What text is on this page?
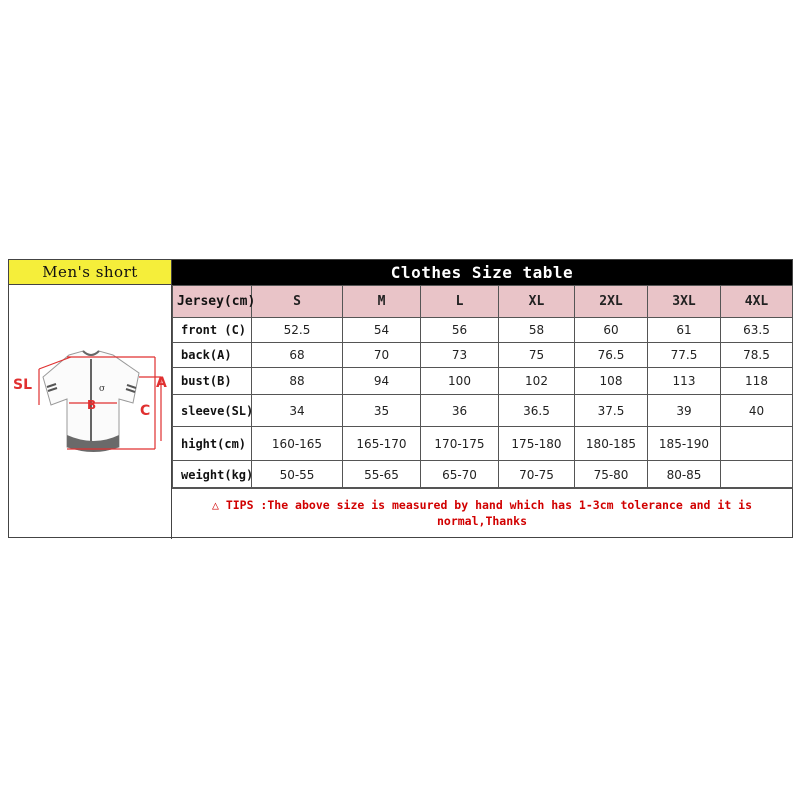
Men's short	Clothes Size table
σ
SL	A
B	C
Jersey(cm)	S	M	L	XL	2XL	3XL	4XL
front (C)	52.5	54	56	58	60	61	63.5
back(A)	68	70	73	75	76.5	77.5	78.5
bust(B)	88	94	100	102	108	113	118
sleeve(SL)	34	35	36	36.5	37.5	39	40
hight(cm)	160-165	165-170	170-175	175-180	180-185	185-190	
weight(kg)	50-55	55-65	65-70	70-75	75-80	80-85	
△ TIPS :The above size is measured by hand which has 1-3cm tolerance and it is normal,Thanks
